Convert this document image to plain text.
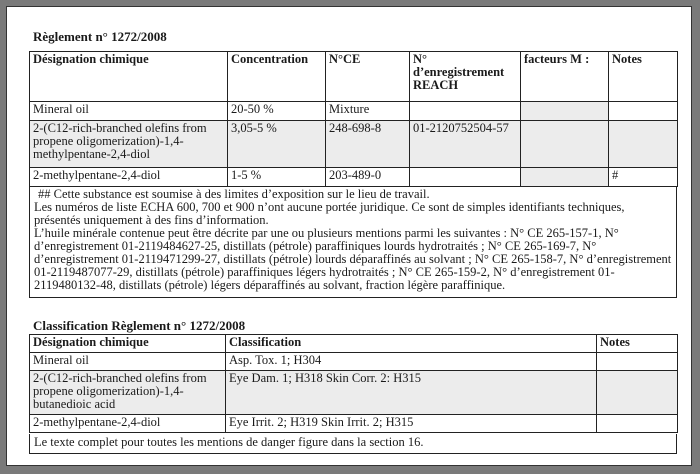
Règlement n° 1272/2008
Désignation chimique	Concentration	N°CE	N° d’enregistrement REACH	facteurs M :	Notes
Mineral oil	20-50 %	Mixture			
2-(C12-rich-branched olefins from propene oligomerization)-1,4-methylpentane-2,4-diol	3,05-5 %	248-698-8	01-2120752504-57		
2-methylpentane-2,4-diol	1-5 %	203-489-0			#
## Cette substance est soumise à des limites d’exposition sur le lieu de travail.
Les numéros de liste ECHA 600, 700 et 900 n’ont aucune portée juridique. Ce sont de simples identifiants techniques, présentés uniquement à des fins d’information.
L’huile minérale contenue peut être décrite par une ou plusieurs mentions parmi les suivantes : N° CE 265-157-1, N° d’enregistrement 01-2119484627-25, distillats (pétrole) paraffiniques lourds hydrotraités ; N° CE 265-169-7, N° d’enregistrement 01-2119471299-27, distillats (pétrole) lourds déparaffinés au solvant ; N° CE 265-158-7, N° d’enregistrement 01-2119487077-29, distillats (pétrole) paraffiniques légers hydrotraités ; N° CE 265-159-2, N° d’enregistrement 01-2119480132-48, distillats (pétrole) légers déparaffinés au solvant, fraction légère paraffinique.
Classification Règlement n° 1272/2008
Désignation chimique	Classification	Notes
Mineral oil	Asp. Tox. 1; H304	
2-(C12-rich-branched olefins from propene oligomerization)-1,4-butanedioic acid	Eye Dam. 1; H318 Skin Corr. 2: H315	
2-methylpentane-2,4-diol	Eye Irrit. 2; H319 Skin Irrit. 2; H315	
Le texte complet pour toutes les mentions de danger figure dans la section 16.
